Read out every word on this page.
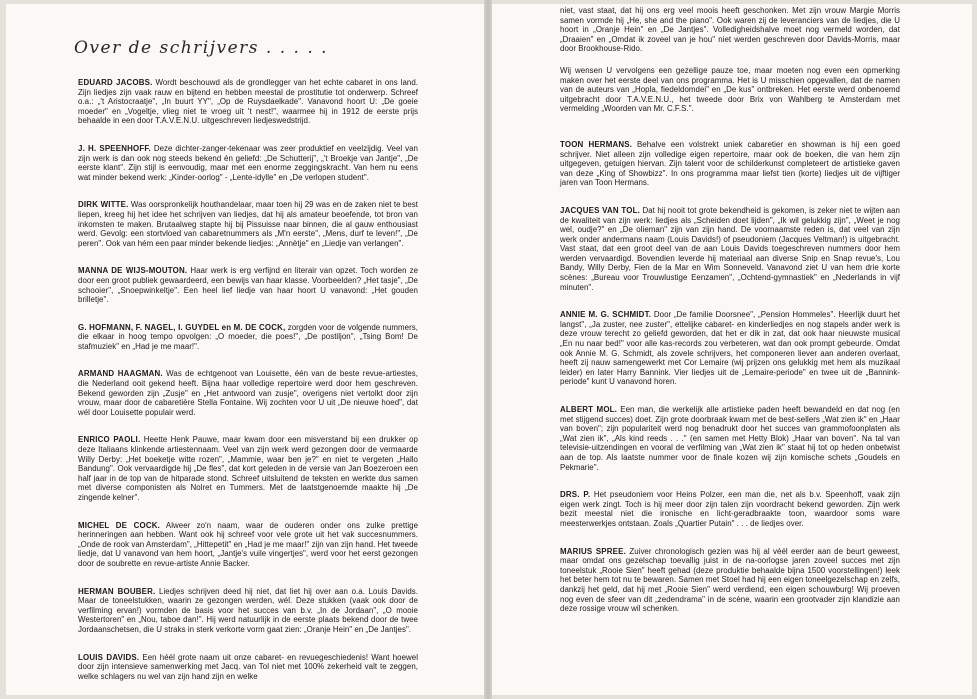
Over de schrijvers . . . . .

EDUARD JACOBS. Wordt beschouwd als de grondlegger van het echte cabaret in ons land. Zijn liedjes zijn vaak rauw en bijtend en hebben meestal de prostitutie tot onderwerp. Schreef o.a.: „'t Aristocraatje", „In buurt YY", „Op de Ruysdaelkade". Vanavond hoort U: „De goeie moeder" en „Vogeltje, vlieg niet te vroeg uit 't nest!", waarmee hij in 1912 de eerste prijs behaalde in een door T.A.V.E.N.U. uitgeschreven liedjeswedstrijd.

J. H. SPEENHOFF. Deze dichter-zanger-tekenaar was zeer produktief en veelzijdig. Veel van zijn werk is dan ook nog steeds bekend én geliefd: „De Schutterij", „'t Broekje van Jantje", „De eerste klant". Zijn stijl is eenvoudig, maar met een enorme zeggingskracht. Van hem nu eens wat minder bekend werk: „Kinder-oorlog" - „Lente-idylle" en „De verlopen student".

DIRK WITTE. Was oorspronkelijk houthandelaar, maar toen hij 29 was en de zaken niet te best liepen, kreeg hij het idee het schrijven van liedjes, dat hij als amateur beoefende, tot bron van inkomsten te maken. Brutaalweg stapte hij bij Pissuisse naar binnen, die al gauw enthousiast werd. Gevolg: een stortvloed van cabaretnummers als „M'n eerste", „Mens, durf te leven!", „De peren". Ook van hém een paar minder bekende liedjes: „Annètje" en „Liedje van verlangen".

MANNA DE WIJS-MOUTON. Haar werk is erg verfijnd en literair van opzet. Toch worden ze door een groot publiek gewaardeerd, een bewijs van haar klasse. Voorbeelden? „Het tasje", „De schooier", „Snoepwinkeltje". Een heel lief liedje van haar hoort U vanavond: „Het gouden brilletje".

G. HOFMANN, F. NAGEL, I. GUYDEL en M. DE COCK, zorgden voor de volgende nummers, die elkaar in hoog tempo opvolgen: „O moeder, die poes!", „De postiljon", „Tsing Bom! De stafmuziek" en „Had je me maar!".

ARMAND HAAGMAN. Was de echtgenoot van Louisette, één van de beste revue-artiestes, die Nederland ooit gekend heeft. Bijna haar volledige repertoire werd door hem geschreven. Bekend geworden zijn „Zusje" en „Het antwoord van zusje", overigens niet vertolkt door zijn vrouw, maar door de cabaretière Stella Fontaine. Wij zochten voor U uit „De nieuwe hoed", dat wél door Louisette populair werd.

ENRICO PAOLI. Heette Henk Pauwe, maar kwam door een misverstand bij een drukker op deze Italiaans klinkende artiestennaam. Veel van zijn werk werd gezongen door de vermaarde Willy Derby: „Het boeketje witte rozen", „Mammie, waar ben je?" en niet te vergeten „Hallo Bandung". Ook vervaardigde hij „De fles", dat kort geleden in de versie van Jan Boezeroen een half jaar in de top van de hitparade stond. Schreef uitsluitend de teksten en werkte dus samen met diverse componisten als Nolret en Tummers. Met de laatstgenoemde maakte hij „De zingende kelner".

MICHEL DE COCK. Alweer zo'n naam, waar de ouderen onder ons zulke prettige herinneringen aan hebben. Want ook hij schreef voor vele grote uit het vak succesnummers. „Onde de rook van Amsterdam", „Hittepetit" en „Had je me maar!" zijn van zijn hand. Het tweede liedje, dat U vanavond van hem hoort, „Jantje's vuile vingertjes", werd voor het eerst gezongen door de soubrette en revue-artiste Annie Backer.

HERMAN BOUBER. Liedjes schrijven deed hij niet, dat liet hij over aan o.a. Louis Davids. Maar de toneelstukken, waarin ze gezongen werden, wél. Deze stukken (vaak ook door de verfilming ervan!) vormden de basis voor het succes van b.v. „In de Jordaan", „O mooie Westertoren" en „Nou, taboe dan!". Hij werd natuurlijk in de eerste plaats bekend door de twee Jordaanschetsen, die U straks in sterk verkorte vorm gaat zien: „Oranje Hein" en „De Jantjes".

LOUIS DAVIDS. Een héél grote naam uit onze cabaret- en revuegeschiedenis! Want hoewel door zijn intensieve samenwerking met Jacq. van Tol niet met 100% zekerheid valt te zeggen, welke schlagers nu wel van zijn hand zijn en welke

niet, vast staat, dat hij ons erg veel moois heeft geschonken. Met zijn vrouw Margie Morris samen vormde hij „He, she and the piano". Ook waren zij de leveranciers van de liedjes, die U hoort in „Oranje Hein" en „De Jantjes". Volledigheidshalve moet nog vermeld worden, dat „Draaien" en „Omdat ik zoveel van je hou" niet werden geschreven door Davids-Morris, maar door Brookhouse-Rido.

Wij wensen U vervolgens een gezellige pauze toe, maar moeten nog even een opmerking maken over het eerste deel van ons programma. Het is U misschien opgevallen, dat de namen van de auteurs van „Hopla, fiedeldomdei" en „De kus" ontbreken. Het eerste werd onbenoemd uitgebracht door T.A.V.E.N.U., het tweede door Brix von Wahlberg te Amsterdam met vermelding „Woorden van Mr. C.F.S.".

TOON HERMANS. Behalve een volstrekt uniek cabaretier en showman is hij een goed schrijver. Niet alleen zijn volledige eigen repertoire, maar ook de boeken, die van hem zijn uitgegeven, getuigen hiervan. Zijn talent voor de schilderkunst completeert de artistieke gaven van deze „King of Showbizz". In ons programma maar liefst tien (korte) liedjes uit de vijftiger jaren van Toon Hermans.

JACQUES VAN TOL. Dat hij nooit tot grote bekendheid is gekomen, is zeker niet te wijten aan de kwaliteit van zijn werk: liedjes als „Scheiden doet lijden", „Ik wil gelukkig zijn", „Weet je nog wel, oudje?" en „De olieman" zijn van zijn hand. De voornaamste reden is, dat veel van zijn werk onder andermans naam (Louis Davids!) of pseudoniem (Jacques Veltman!) is uitgebracht. Vast staat, dat een groot deel van de aan Louis Davids toegeschreven nummers door hem werden vervaardigd. Bovendien leverde hij materiaal aan diverse Snip en Snap revue's, Lou Bandy, Willy Derby, Fien de la Mar en Wim Sonneveld. Vanavond ziet U van hem drie korte scènes: „Bureau voor Trouwlustige Eenzamen", „Ochtend-gymnastiek" en „Nederlands in vijf minuten".

ANNIE M. G. SCHMIDT. Door „De familie Doorsnee", „Pension Hommeles". Heerlijk duurt het langst", „Ja zuster, nee zuster", ettelijke cabaret- en kinderliedjes en nog stapels ander werk is deze vrouw terecht zo geliefd geworden, dat het er dik in zat, dat ook haar nieuwste musical „En nu naar bed!" voor alle kas-records zou verbeteren, wat dan ook prompt gebeurde. Omdat ook Annie M. G. Schmidt, als zovele schrijvers, het componeren liever aan anderen overlaat, heeft zij nauw samengewerkt met Cor Lemaire (wij prijzen ons gelukkig met hem als muzikaal leider) en later Harry Bannink. Vier liedjes uit de „Lemaire-periode" en twee uit de „Bannink-periode" kunt U vanavond horen.

ALBERT MOL. Een man, die werkelijk alle artistieke paden heeft bewandeld en dat nog (en met stijgend succes) doet. Zijn grote doorbraak kwam met de best-sellers „Wat zien ik" en „Haar van boven"; zijn populariteit werd nog benadrukt door het succes van grammofoonplaten als „Wat zien ik", „Als kind reeds . . ." (en samen met Hetty Blok) „Haar van boven". Na tal van televisie-uitzendingen en vooral de verfilming van „Wat zien ik" staat hij tot op heden onbetwist aan de top. Als laatste nummer voor de finale kozen wij zijn komische schets „Goudels en Pekmarie".

DRS. P. Het pseudoniem voor Heins Polzer, een man die, net als b.v. Speenhoff, vaak zijn eigen werk zingt. Toch is hij meer door zijn talen zijn voordracht bekend geworden. Zijn werk bezit meestal niet die ironische en licht-geradbraakte toon, waardoor soms ware meesterwerkjes ontstaan. Zoals „Quartier Putain" . . . de liedjes over.

MARIUS SPREE. Zuiver chronologisch gezien was hij al véél eerder aan de beurt geweest, maar omdat ons gezelschap toevallig juist in de na-oorlogse jaren zoveel succes met zijn toneelstuk „Rooie Sien" heeft gehad (deze produktie behaalde bijna 1500 voorstellingen!) leek het beter hem tot nu te bewaren. Samen met Stoel had hij een eigen toneelgezelschap en zelfs, dankzij het geld, dat hij met „Rooie Sien" werd verdiend, een eigen schouwburg! Wij proeven nog even de sfeer van dit „zedendrama" in de scène, waarin een grootvader zijn klandizie aan deze rossige vrouw wil schenken.
